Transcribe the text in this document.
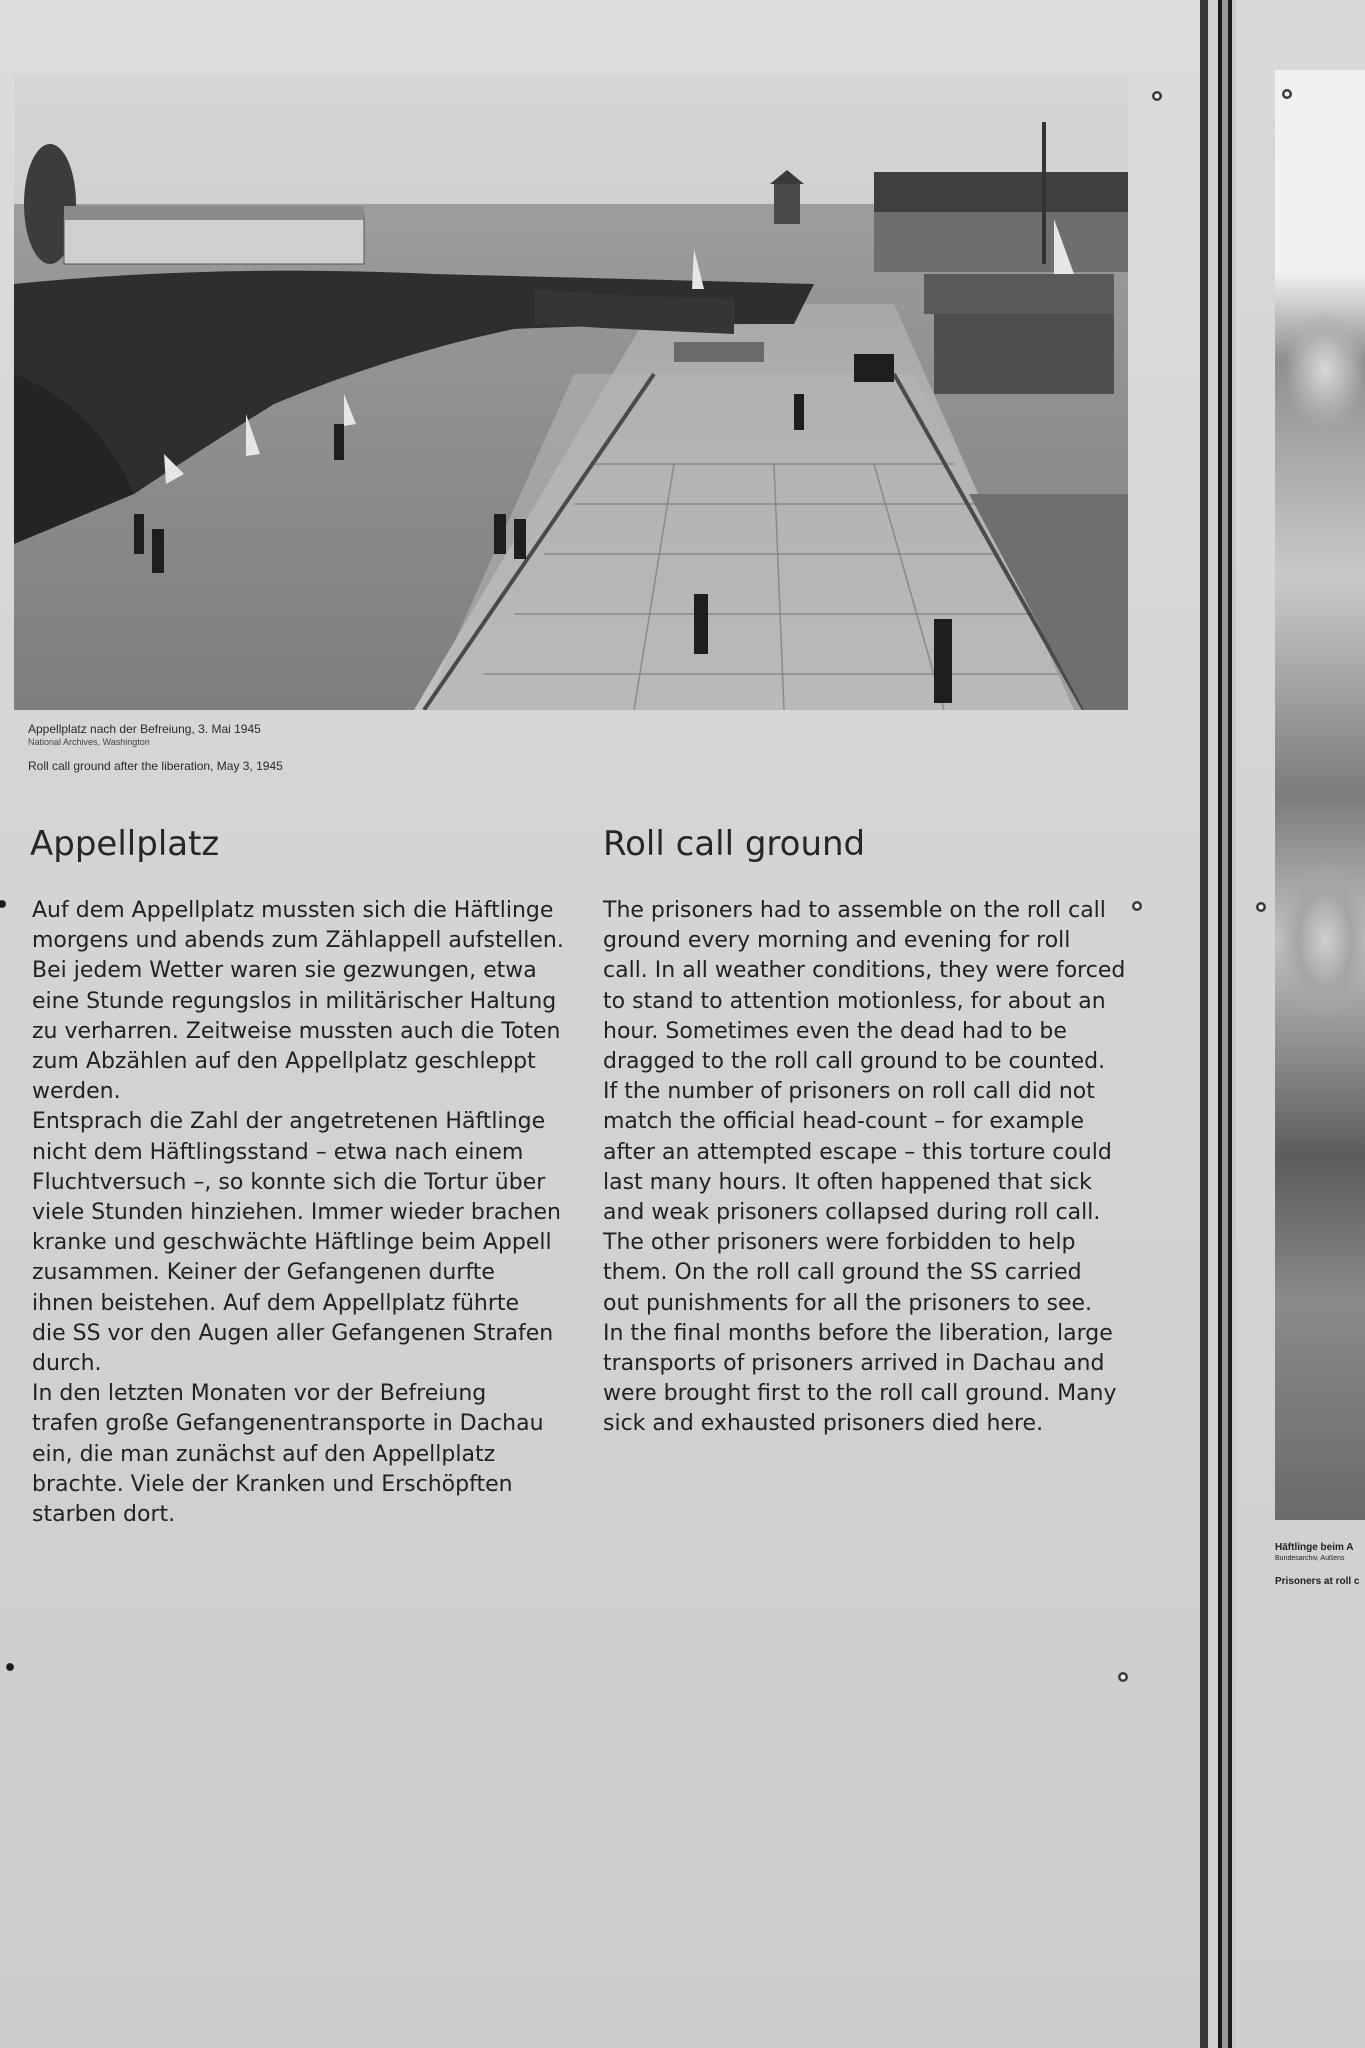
Häftlinge beim A
Bundesarchiv, Außens
Prisoners at roll c
Appellplatz nach der Befreiung, 3. Mai 1945
National Archives, Washington
Roll call ground after the liberation, May 3, 1945
Appellplatz
Auf dem Appellplatz mussten sich die Häftlinge
morgens und abends zum Zählappell aufstellen.
Bei jedem Wetter waren sie gezwungen, etwa
eine Stunde regungslos in militärischer Haltung
zu verharren. Zeitweise mussten auch die Toten
zum Abzählen auf den Appellplatz geschleppt
werden.
Entsprach die Zahl der angetretenen Häftlinge
nicht dem Häftlingsstand – etwa nach einem
Fluchtversuch –, so konnte sich die Tortur über
viele Stunden hinziehen. Immer wieder brachen
kranke und geschwächte Häftlinge beim Appell
zusammen. Keiner der Gefangenen durfte
ihnen beistehen. Auf dem Appellplatz führte
die SS vor den Augen aller Gefangenen Strafen
durch.
In den letzten Monaten vor der Befreiung
trafen große Gefangenentransporte in Dachau
ein, die man zunächst auf den Appellplatz
brachte. Viele der Kranken und Erschöpften
starben dort.
Roll call ground
The prisoners had to assemble on the roll call
ground every morning and evening for roll
call. In all weather conditions, they were forced
to stand to attention motionless, for about an
hour. Sometimes even the dead had to be
dragged to the roll call ground to be counted.
If the number of prisoners on roll call did not
match the official head-count – for example
after an attempted escape – this torture could
last many hours. It often happened that sick
and weak prisoners collapsed during roll call.
The other prisoners were forbidden to help
them. On the roll call ground the SS carried
out punishments for all the prisoners to see.
In the final months before the liberation, large
transports of prisoners arrived in Dachau and
were brought first to the roll call ground. Many
sick and exhausted prisoners died here.
